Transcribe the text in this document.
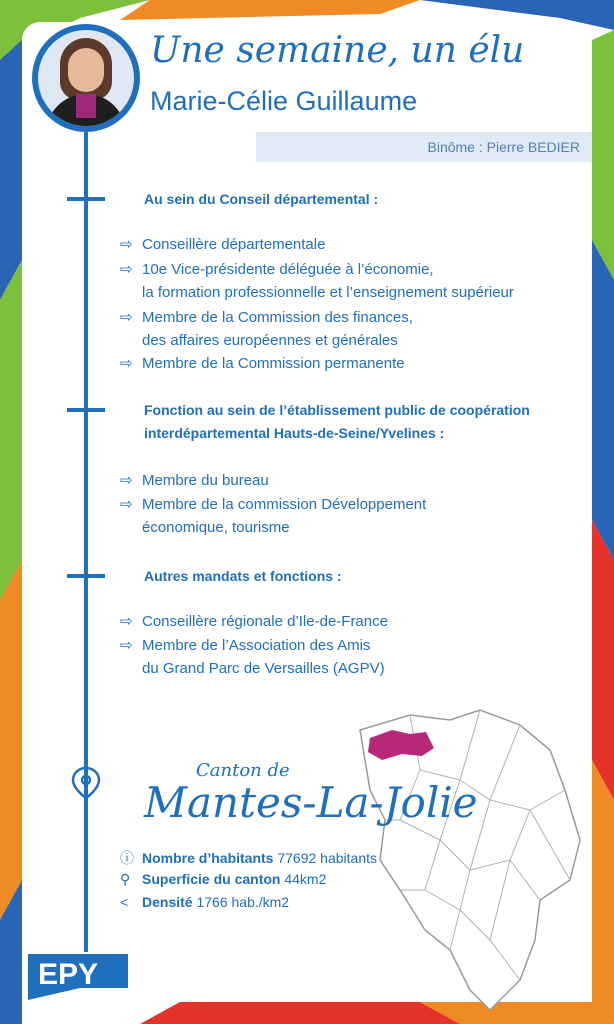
Une semaine, un élu
Marie-Célie Guillaume
Binôme : Pierre BEDIER
Au sein du Conseil départemental :
⇨ Conseillère départementale
⇨ 10e Vice-présidente déléguée à l’économie,
la formation professionnelle et l’enseignement supérieur
⇨ Membre de la Commission des finances,
des affaires européennes et générales
⇨ Membre de la Commission permanente
Fonction au sein de l’établissement public de coopération
interdépartemental Hauts-de-Seine/Yvelines :
⇨ Membre du bureau
⇨ Membre de la commission Développement
économique, tourisme
Autres mandats et fonctions :
⇨ Conseillère régionale d’Ile-de-France
⇨ Membre de l’Association des Amis
du Grand Parc de Versailles (AGPV)
Canton de
Mantes-La-Jolie
ⓘ Nombre d’habitants 77692 habitants
⚲ Superficie du canton 44km2
< Densité 1766 hab./km2
EPY
